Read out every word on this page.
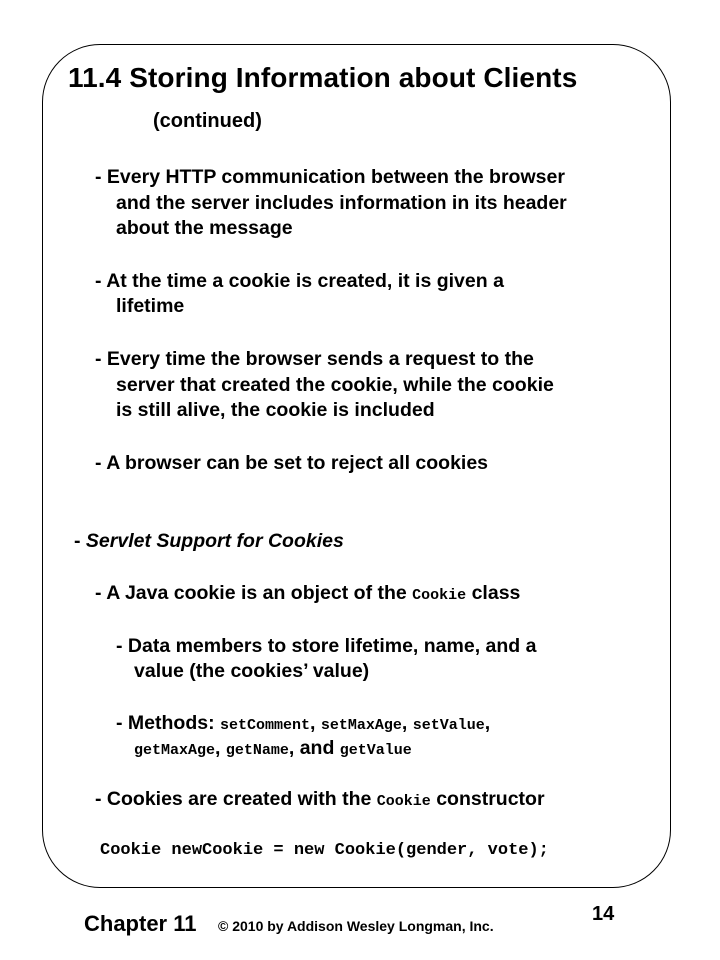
11.4 Storing Information about Clients
(continued)
- Every HTTP communication between the browser
and the server includes information in its header
about the message
- At the time a cookie is created, it is given a
lifetime
- Every time the browser sends a request to the
server that created the cookie, while the cookie
is still alive, the cookie is included
- A browser can be set to reject all cookies
- Servlet Support for Cookies
- A Java cookie is an object of the Cookie class
- Data members to store lifetime, name, and a
value (the cookies’ value)
- Methods: setComment, setMaxAge, setValue,
getMaxAge, getName, and getValue
- Cookies are created with the Cookie constructor
Cookie newCookie = new Cookie(gender, vote);
Chapter 11 © 2010 by Addison Wesley Longman, Inc.
14
